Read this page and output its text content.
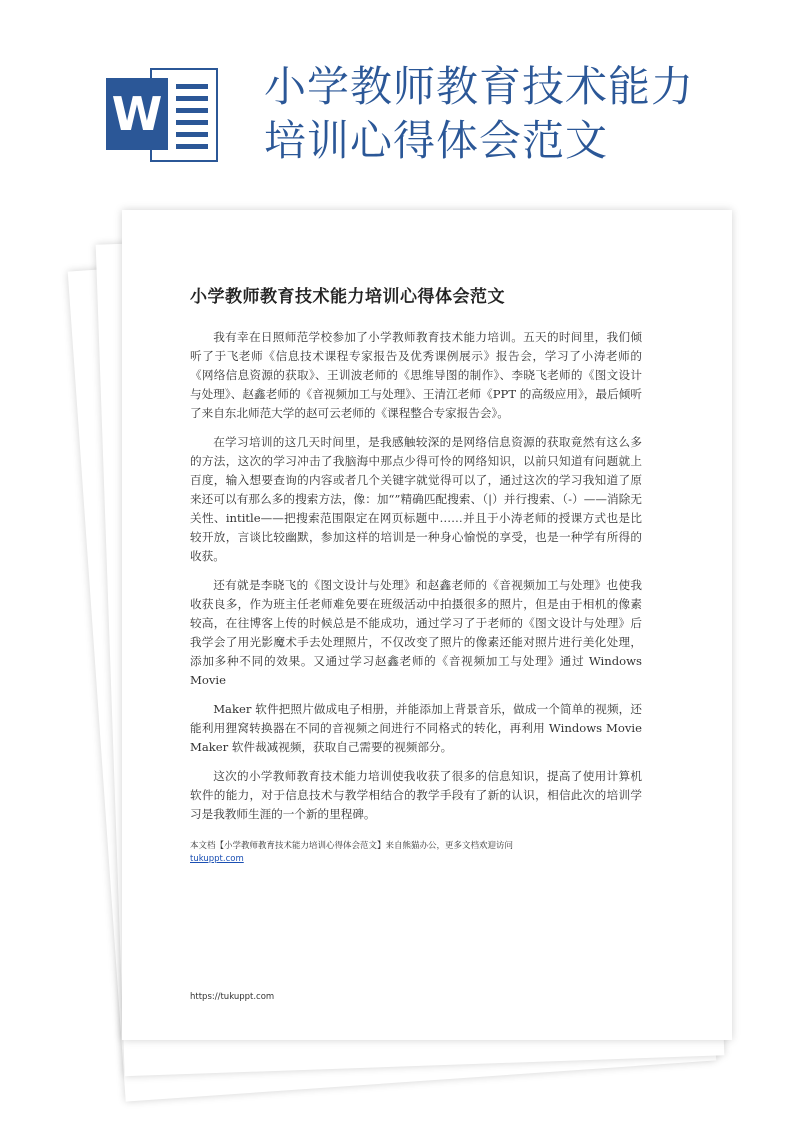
W
小学教师教育技术能力
培训心得体会范文
小学教师教育技术能力培训心得体会范文

我有幸在日照师范学校参加了小学教师教育技术能力培训。五天的时间里，我们倾听了于飞老师《信息技术课程专家报告及优秀课例展示》报告会，学习了小涛老师的《网络信息资源的获取》、王训波老师的《思维导图的制作》、李晓飞老师的《图文设计与处理》、赵鑫老师的《音视频加工与处理》、王清江老师《PPT 的高级应用》，最后倾听了来自东北师范大学的赵可云老师的《课程整合专家报告会》。

在学习培训的这几天时间里，是我感触较深的是网络信息资源的获取竟然有这么多的方法，这次的学习冲击了我脑海中那点少得可怜的网络知识，以前只知道有问题就上百度，输入想要查询的内容或者几个关键字就觉得可以了，通过这次的学习我知道了原来还可以有那么多的搜索方法，像：加“”精确匹配搜索、（|）并行搜索、（-）——消除无关性、intitle——把搜索范围限定在网页标题中……并且于小涛老师的授课方式也是比较开放，言谈比较幽默，参加这样的培训是一种身心愉悦的享受，也是一种学有所得的收获。

还有就是李晓飞的《图文设计与处理》和赵鑫老师的《音视频加工与处理》也使我收获良多，作为班主任老师难免要在班级活动中拍摄很多的照片，但是由于相机的像素较高，在往博客上传的时候总是不能成功，通过学习了于老师的《图文设计与处理》后我学会了用光影魔术手去处理照片，不仅改变了照片的像素还能对照片进行美化处理，添加多种不同的效果。又通过学习赵鑫老师的《音视频加工与处理》通过 Windows Movie

Maker 软件把照片做成电子相册，并能添加上背景音乐，做成一个简单的视频，还能利用狸窝转换器在不同的音视频之间进行不同格式的转化，再利用 Windows Movie Maker 软件裁减视频，获取自己需要的视频部分。

这次的小学教师教育技术能力培训使我收获了很多的信息知识，提高了使用计算机软件的能力，对于信息技术与教学相结合的教学手段有了新的认识，相信此次的培训学习是我教师生涯的一个新的里程碑。

本文档【小学教师教育技术能力培训心得体会范文】来自熊猫办公，更多文档欢迎访问
tukuppt.com
https://tukuppt.com
